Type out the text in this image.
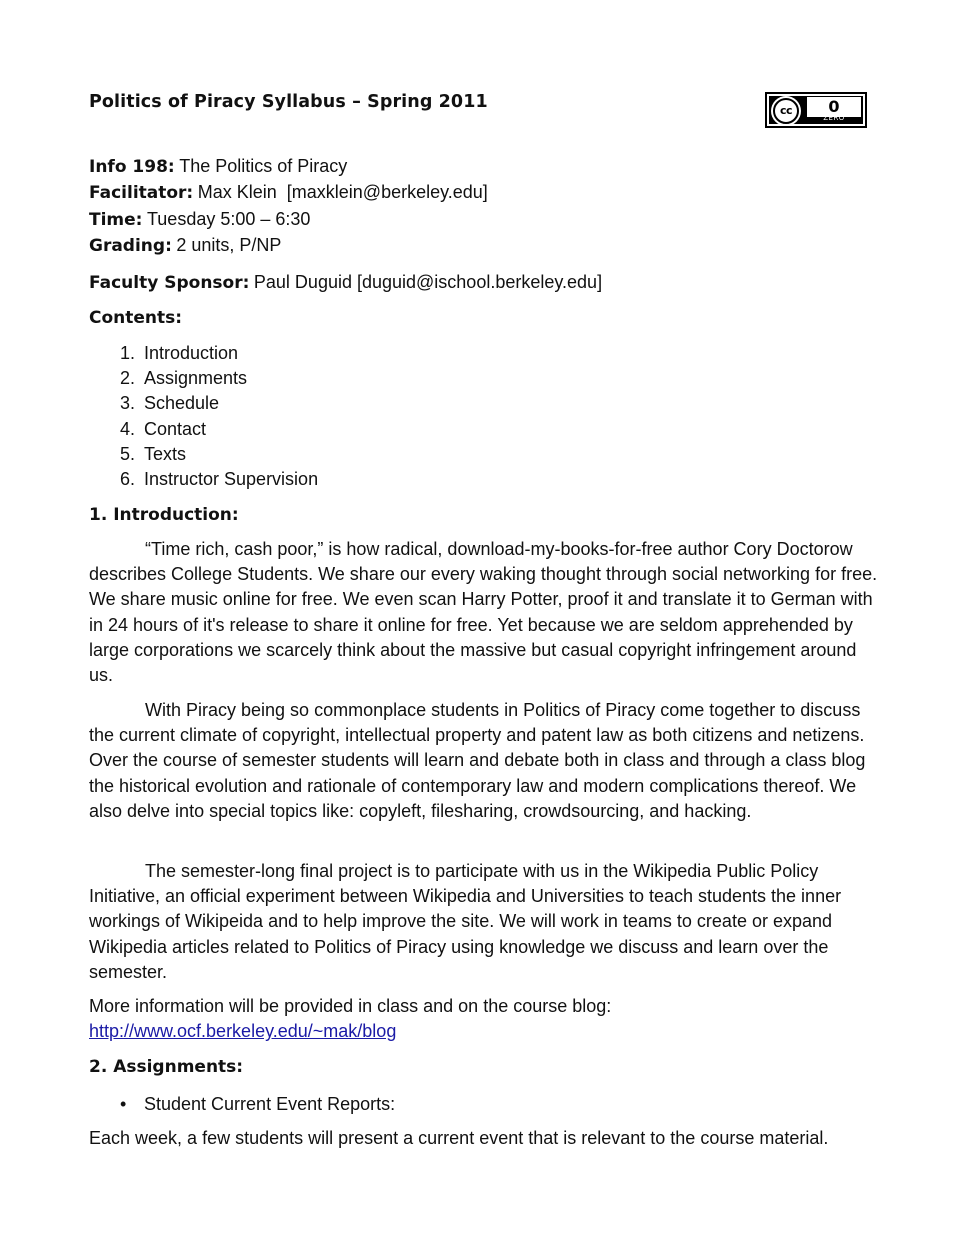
Politics of Piracy Syllabus – Spring 2011	cc	0
ZERO
Info 198: The Politics of Piracy
Facilitator: Max Klein  [maxklein@berkeley.edu]
Time: Tuesday 5:00 – 6:30
Grading: 2 units, P/NP
Faculty Sponsor: Paul Duguid [duguid@ischool.berkeley.edu]
Contents:
1. Introduction
2. Assignments
3. Schedule
4. Contact
5. Texts
6. Instructor Supervision
1. Introduction:

“Time rich, cash poor,” is how radical, download-my-books-for-free author Cory Doctorow describes College Students. We share our every waking thought through social networking for free. We share music online for free. We even scan Harry Potter, proof it and translate it to German with in 24 hours of it's release to share it online for free. Yet because we are seldom apprehended by large corporations we scarcely think about the massive but casual copyright infringement around us.

With Piracy being so commonplace students in Politics of Piracy come together to discuss the current climate of copyright, intellectual property and patent law as both citizens and netizens. Over the course of semester students will learn and debate both in class and through a class blog the historical evolution and rationale of contemporary law and modern complications thereof. We also delve into special topics like: copyleft, filesharing, crowdsourcing, and hacking.

The semester-long final project is to participate with us in the Wikipedia Public Policy Initiative, an official experiment between Wikipedia and Universities to teach students the inner workings of Wikipeida and to help improve the site. We will work in teams to create or expand Wikipedia articles related to Politics of Piracy using knowledge we discuss and learn over the semester.

More information will be provided in class and on the course blog:
http://www.ocf.berkeley.edu/~mak/blog

2. Assignments:
• Student Current Event Reports:

Each week, a few students will present a current event that is relevant to the course material.
